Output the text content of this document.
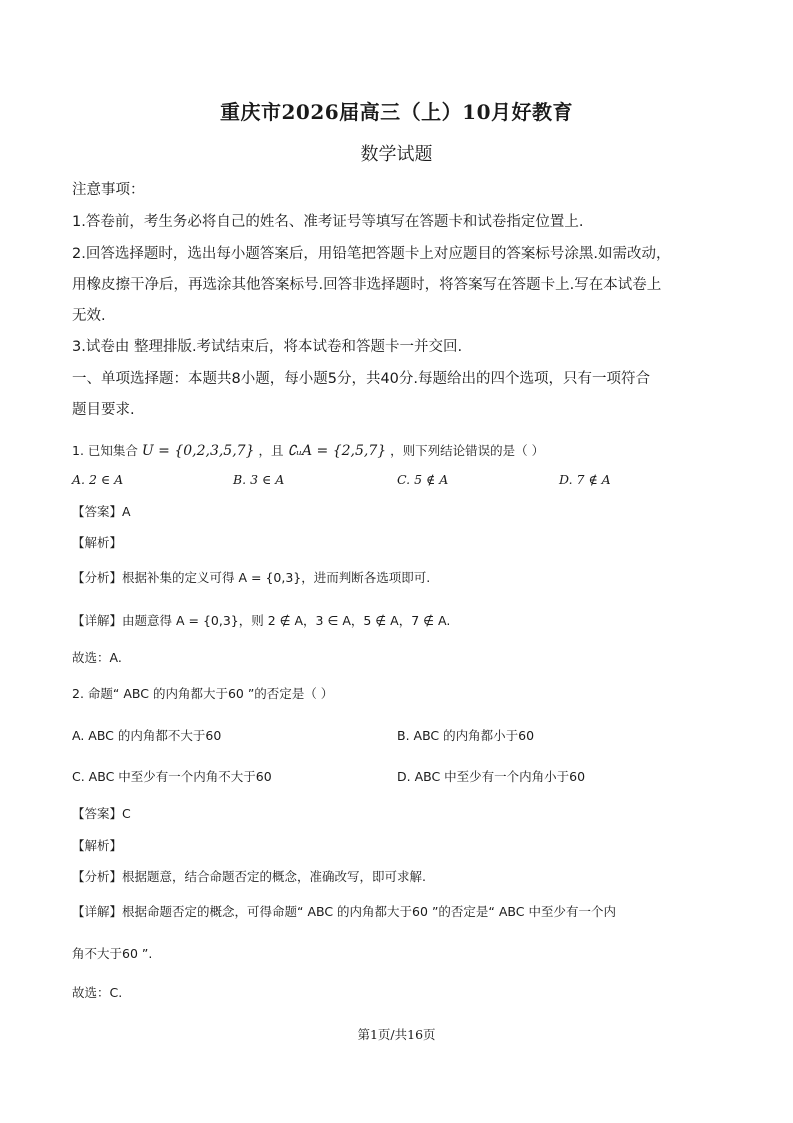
重庆市2026届高三（上）10月好教育
数学试题
注意事项：
1.答卷前，考生务必将自己的姓名、准考证号等填写在答题卡和试卷指定位置上.
2.回答选择题时，选出每小题答案后，用铅笔把答题卡上对应题目的答案标号涂黑.如需改动，
用橡皮擦干净后，再选涂其他答案标号.回答非选择题时，将答案写在答题卡上.写在本试卷上
无效.
3.试卷由 整理排版.考试结束后，将本试卷和答题卡一并交回.
一、单项选择题：本题共8小题，每小题5分，共40分.每题给出的四个选项，只有一项符合
题目要求.
1. 已知集合 U = {0,2,3,5,7} ，且 ∁ᵤA = {2,5,7} ，则下列结论错误的是（ ）
A. 2 ∈ A	B. 3 ∈ A	C. 5 ∉ A	D. 7 ∉ A
【答案】A
【解析】
【分析】根据补集的定义可得 A = {0,3}，进而判断各选项即可.
【详解】由题意得 A = {0,3}，则 2 ∉ A，3 ∈ A，5 ∉ A，7 ∉ A.
故选：A.
2. 命题“ ABC 的内角都大于60 ”的否定是（ ）
A. ABC 的内角都不大于60	B. ABC 的内角都小于60
C. ABC 中至少有一个内角不大于60	D. ABC 中至少有一个内角小于60
【答案】C
【解析】
【分析】根据题意，结合命题否定的概念，准确改写，即可求解.
【详解】根据命题否定的概念，可得命题“ ABC 的内角都大于60 ”的否定是“ ABC 中至少有一个内
角不大于60 ”.
故选：C.
第1页/共16页
